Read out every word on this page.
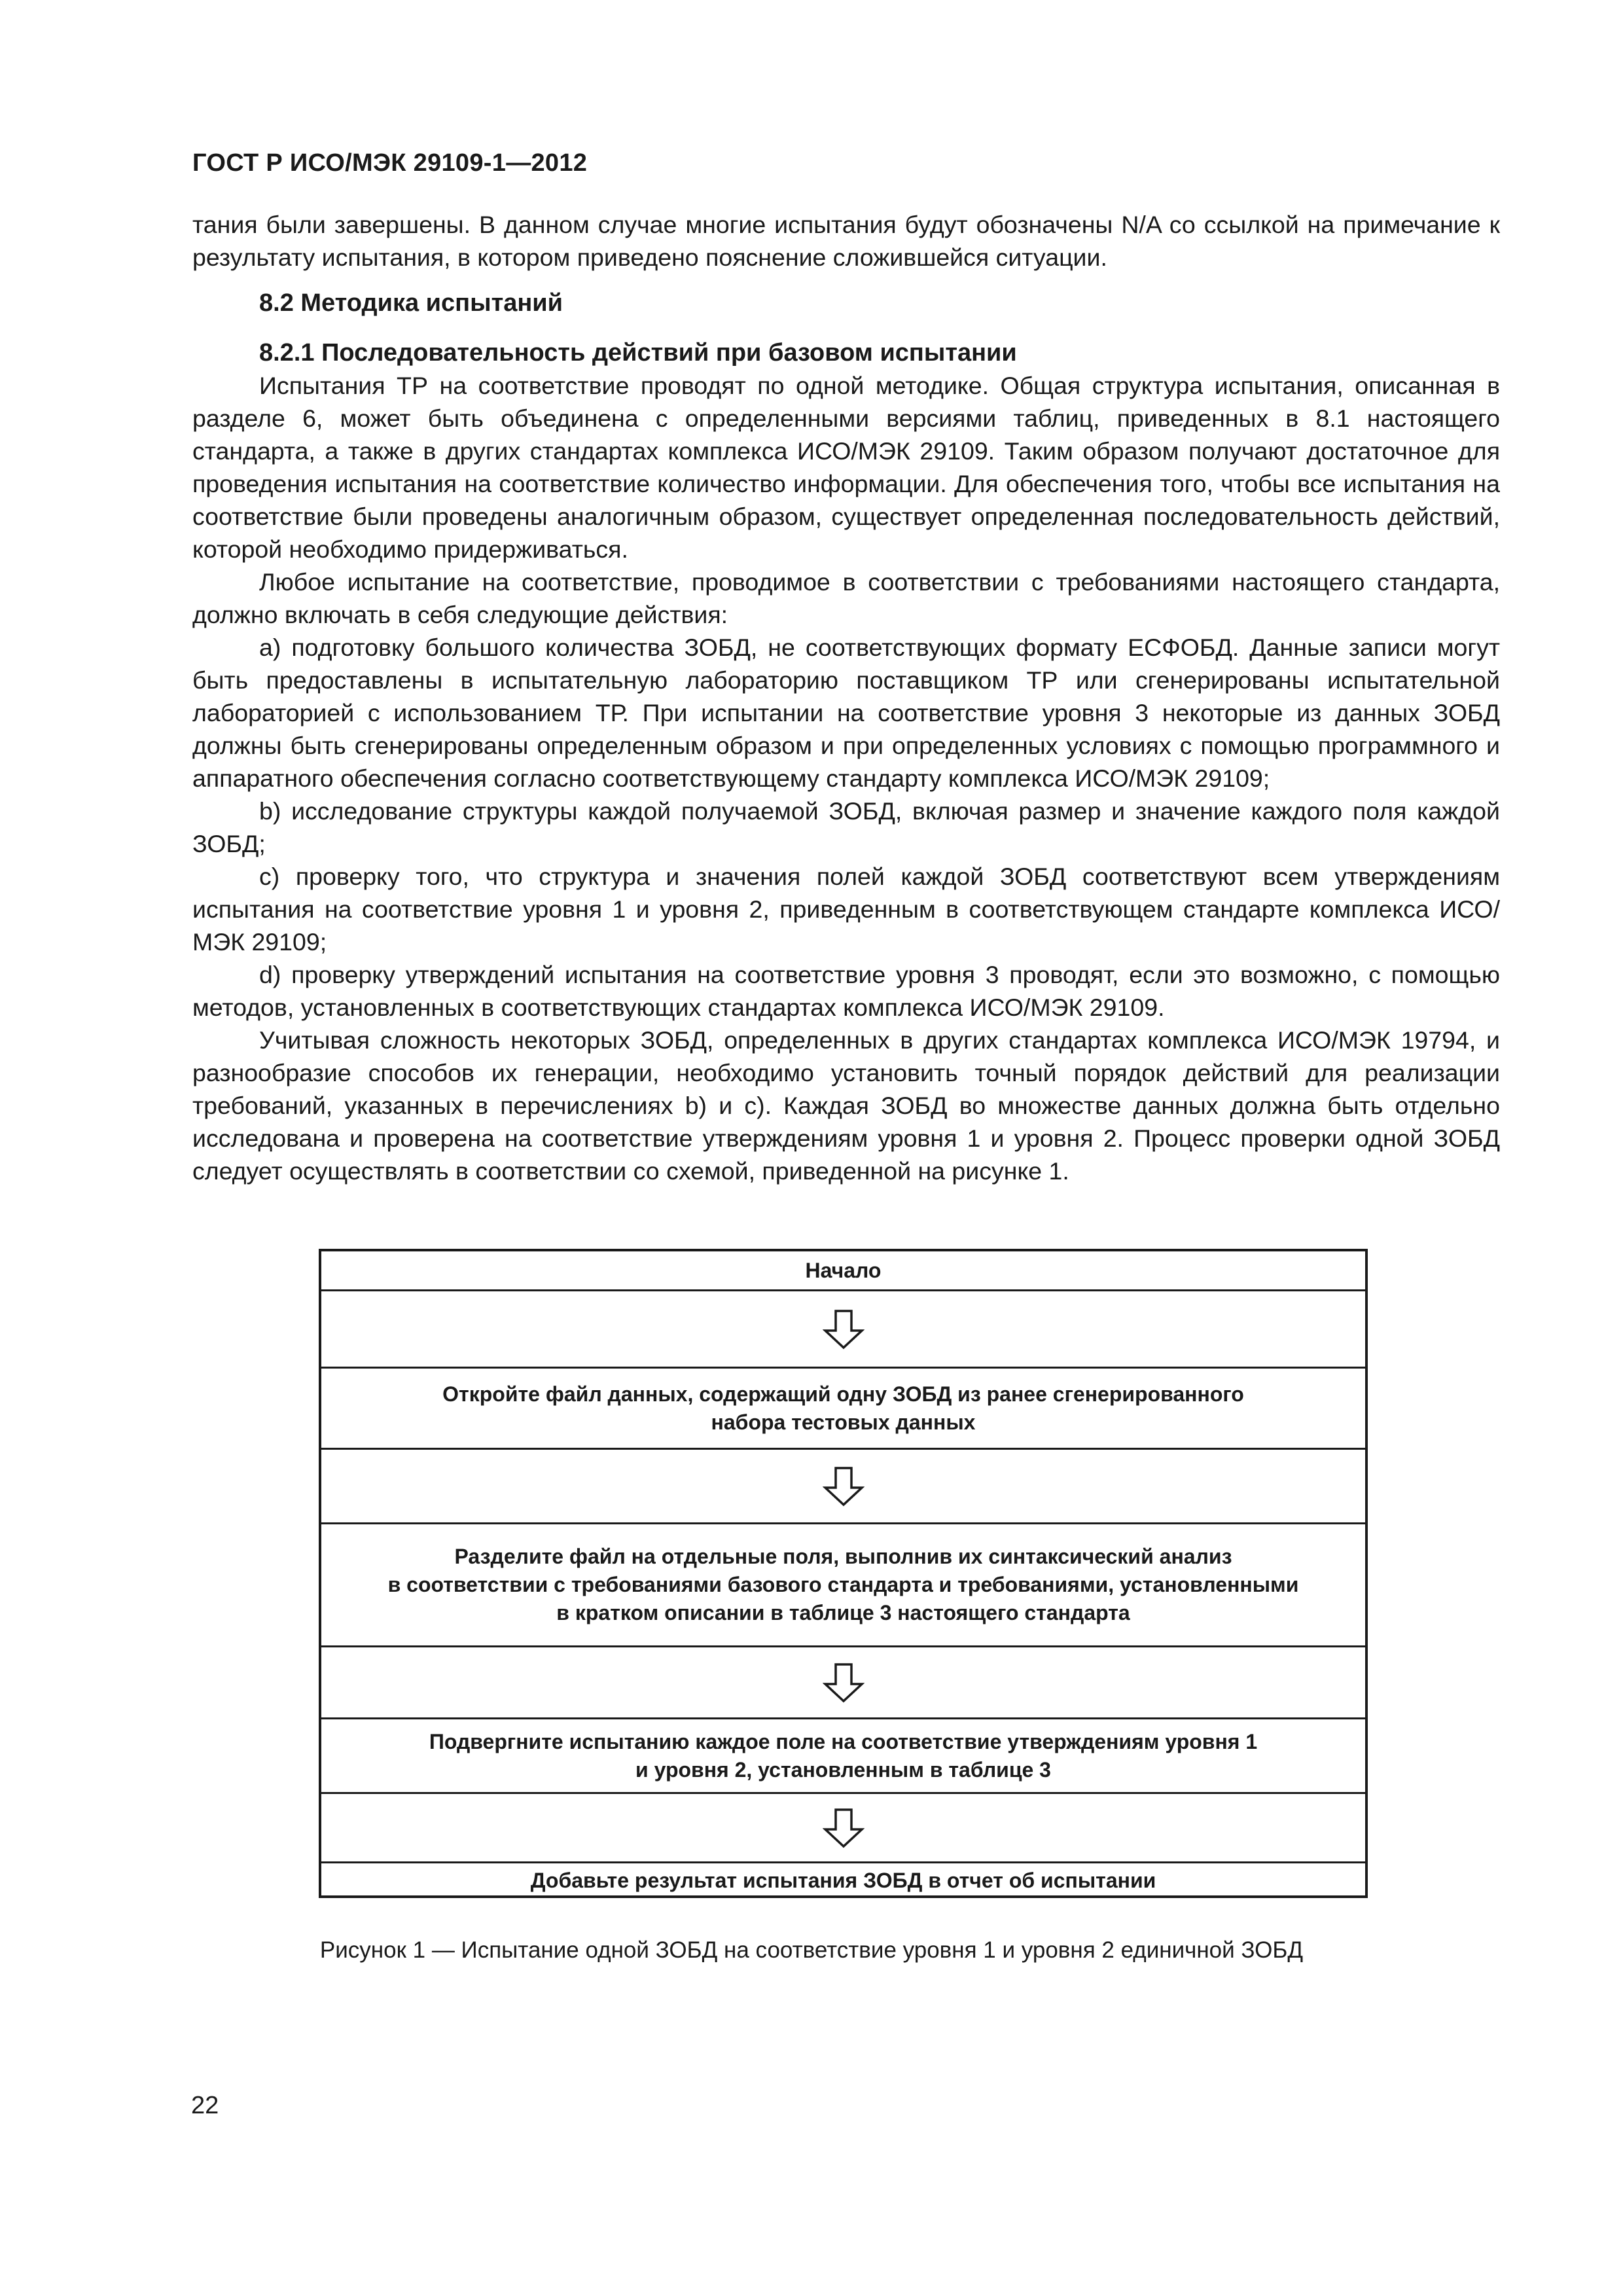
ГОСТ Р ИСО/МЭК 29109-1—2012

тания были завершены. В данном случае многие испытания будут обозначены N/A со ссылкой на примечание к результату испытания, в котором приведено пояснение сложившейся ситуации.

8.2 Методика испытаний
8.2.1 Последовательность действий при базовом испытании

Испытания ТР на соответствие проводят по одной методике. Общая структура испытания, описанная в разделе 6, может быть объединена с определенными версиями таблиц, приведенных в 8.1 настоящего стандарта, а также в других стандартах комплекса ИСО/МЭК 29109. Таким образом получают достаточное для проведения испытания на соответствие количество информации. Для обеспечения того, чтобы все испытания на соответствие были проведены аналогичным образом, существует определенная последовательность действий, которой необходимо придерживаться.

Любое испытание на соответствие, проводимое в соответствии с требованиями настоящего стандарта, должно включать в себя следующие действия:

а) подготовку большого количества ЗОБД, не соответствующих формату ЕСФОБД. Данные записи могут быть предоставлены в испытательную лабораторию поставщиком ТР или сгенерированы испытательной лабораторией с использованием ТР. При испытании на соответствие уровня 3 некоторые из данных ЗОБД должны быть сгенерированы определенным образом и при определенных условиях с помощью программного и аппаратного обеспечения согласно соответствующему стандарту комплекса ИСО/МЭК 29109;

b) исследование структуры каждой получаемой ЗОБД, включая размер и значение каждого поля каждой ЗОБД;

c) проверку того, что структура и значения полей каждой ЗОБД соответствуют всем утверждениям испытания на соответствие уровня 1 и уровня 2, приведенным в соответствующем стандарте комплекса ИСО/МЭК 29109;

d) проверку утверждений испытания на соответствие уровня 3 проводят, если это возможно, с помощью методов, установленных в соответствующих стандартах комплекса ИСО/МЭК 29109.

Учитывая сложность некоторых ЗОБД, определенных в других стандартах комплекса ИСО/МЭК 19794, и разнообразие способов их генерации, необходимо установить точный порядок действий для реализации требований, указанных в перечислениях b) и c). Каждая ЗОБД во множестве данных должна быть отдельно исследована и проверена на соответствие утверждениям уровня 1 и уровня 2. Процесс проверки одной ЗОБД следует осуществлять в соответствии со схемой, приведенной на рисунке 1.

Начало
Откройте файл данных, содержащий одну ЗОБД из ранее сгенерированного
набора тестовых данных
Разделите файл на отдельные поля, выполнив их синтаксический анализ
в соответствии с требованиями базового стандарта и требованиями, установленными
в кратком описании в таблице 3 настоящего стандарта
Подвергните испытанию каждое поле на соответствие утверждениям уровня 1
и уровня 2, установленным в таблице 3
Добавьте результат испытания ЗОБД в отчет об испытании
Рисунок 1 — Испытание одной ЗОБД на соответствие уровня 1 и уровня 2 единичной ЗОБД
22
